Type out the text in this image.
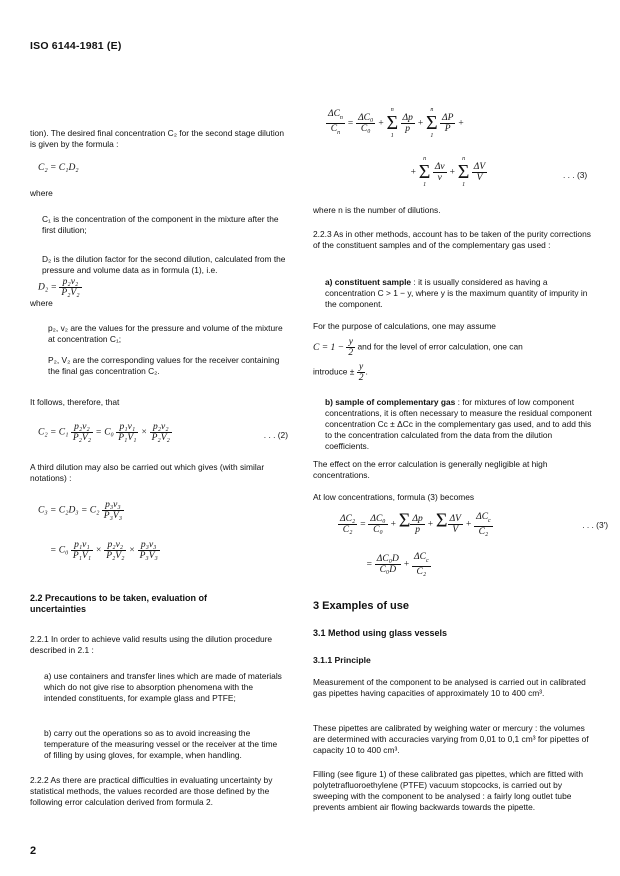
ISO 6144-1981 (E)
tion). The desired final concentration C₂ for the second stage dilution is given by the formula :
C₂ = C₁D₂
where
C₁ is the concentration of the component in the mixture after the first dilution;
D₂ is the dilution factor for the second dilution, calculated from the pressure and volume data as in formula (1), i.e.
$D_2 = \frac{\text{p₂v₂}}{\text{P₂V₂}}$
where
p₂, v₂ are the values for the pressure and volume of the mixture at concentration C₁;
P₂, V₂ are the corresponding values for the receiver containing the final gas concentration C₂.
It follows, therefore, that
$C_2 = C_1 \frac{\text{p₂v₂}}{\text{P₂V₂}} = C_0 \frac{\text{p₁v₁}}{\text{P₁V₁}} \times \frac{\text{p₂v₂}}{\text{P₂V₂}}$	. . . (2)
A third dilution may also be carried out which gives (with similar notations) :
$C_3 = C_2D_3 = C_2 \frac{\text{p₃v₃}}{\text{P₃V₃}}$
= $C_0 \frac{\text{p₁v₁}}{\text{P₁V₁}} \times \frac{\text{p₂v₂}}{\text{P₂V₂}} \times \frac{\text{p₃v₃}}{\text{P₃V₃}}$
2.2 Precautions to be taken, evaluation of
uncertainties
2.2.1 In order to achieve valid results using the dilution procedure described in 2.1 :
a) use containers and transfer lines which are made of materials which do not give rise to absorption phenomena with the intended constituents, for example glass and PTFE;
b) carry out the operations so as to avoid increasing the temperature of the measuring vessel or the receiver at the time of filling by using gloves, for example, when handling.
2.2.2 As there are practical difficulties in evaluating uncertainty by statistical methods, the values recorded are those defined by the following error calculation derived from formula 2.
$\frac{\Delta C_n}{C_n} = \frac{\text{ΔC₀}}{\text{C₀}}$ +
n
Σ
1

$\frac{\Delta p}{p}$ +
n
Σ
1

$\frac{\Delta P}{P}$ +
+
n
Σ
1

$\frac{\Delta v}{v}$ +
n
Σ
1

$\frac{\Delta V}{V}$	. . . (3)
where n is the number of dilutions.
2.2.3 As in other methods, account has to be taken of the purity corrections of the constituent samples and of the complementary gas used :
a) constituent sample : it is usually considered as having a concentration C > 1 − y, where y is the maximum quantity of impurity in the component.
For the purpose of calculations, one may assume
$C = 1 - \frac{y}{2}$ and for the level of error calculation, one can
introduce ± $\frac{y}{2}$ .
b) sample of complementary gas : for mixtures of low component concentrations, it is often necessary to measure the residual component concentration Cс ± ΔCс in the complementary gas used, and to add this to the concentration calculated from the data from the dilution coefficients.
The effect on the error calculation is generally negligible at high concentrations.
At low concentrations, formula (3) becomes
$\frac{\text{ΔC₂}}{\text{C₂}} = \frac{\text{ΔC₀}}{\text{C₀}} + \Sigma \frac{\Delta p}{p} + \Sigma \frac{\Delta V}{V} + \frac{\Delta C_c}{\text{C₂}}$	. . . (3′)
= $\frac{\text{ΔC₀D}}{\text{C₀D}} + \frac{\Delta C_c}{\text{C₂}}$
3 Examples of use
3.1 Method using glass vessels
3.1.1 Principle
Measurement of the component to be analysed is carried out in calibrated gas pipettes having capacities of approximately 10 to 400 cm³.
These pipettes are calibrated by weighing water or mercury : the volumes are determined with accuracies varying from 0,01 to 0,1 cm³ for pipettes of capacity 10 to 400 cm³.
Filling (see figure 1) of these calibrated gas pipettes, which are fitted with polytetrafluoroethylene (PTFE) vacuum stopcocks, is carried out by sweeping with the component to be analysed : a fairly long outlet tube prevents ambient air flowing backwards towards the pipette.
2
